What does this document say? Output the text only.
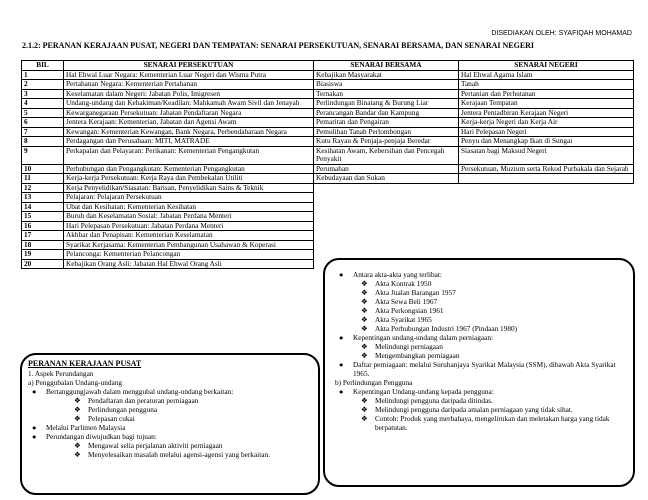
DISEDIAKAN OLEH: SYAFIQAH MOHAMAD
2.1.2: PERANAN KERAJAAN PUSAT, NEGERI DAN TEMPATAN: SENARAI PERSEKUTUAN, SENARAI BERSAMA, DAN SENARAI NEGERI
BIL	SENARAI PERSEKUTUAN	SENARAI BERSAMA	SENARAI NEGERI
1	Hal Ehwal Luar Negara: Kementerian Luar Negeri dan Wisma Putra	Kebajikan Masyarakat	Hal Ehwal Agama Islam
2	Pertahanan Negara: Kementerian Pertahanan	Biasiswa	Tanah
3	Keselamatan dalam Negeri: Jabatan Polis, Imigresen	Ternakan	Pertanian dan Perhutanan
4	Undang-undang dan Kehakiman/Keadilan: Mahkamah Awam Sivil dan Jenayah	Perlindungan Binatang & Burung Liar	Kerajaan Tempatan
5	Kewarganegaraan Persekutuan: Jabatan Pendaftaran Negara	Perancangan Bandar dan Kampung	Jentera Pentadbiran Kerajaan Negeri
6	Jentera Kerajaan: Kementerian, Jabatan dan Agensi Awam	Pemaritan dan Pengairan	Kerja-kerja Negeri dan Kerja Air
7	Kewangan: Kementerian Kewangan, Bank Negara, Perbendaharaan Negara	Pemulihan Tanah Perlombongan	Hari Pelepasan Negeri
8	Perdagangan dan Perusahaan: MITI, MATRADE	Kutu Rayau & Penjaja-penjaja Beredar	Penyu dan Menangkap Ikan di Sungai
9	Perkapalan dan Pelayaran: Perikanan: Kementerian Pengangkutan	Kesihatan Awam, Kebersihan dan Pencegah Penyakit	Siasatan bagi Maksud Negeri
10	Perhubungan dan Pengangkutan: Kementerian Pengangkutan	Perumahan	Persekutuan, Muzium serta Rekod Purbakala dan Sejarah
11	Kerja-kerja Persekutuan: Kerja Raya dan Pembekalan Utiliti	Kebudayaan dan Sukan	
12	Kerja Penyelidikan/Siasatan: Barisan, Penyelidikan Sains & Teknik		
13	Pelajaran: Pelajaran Persekutuan		
14	Ubat dan Kesihatan: Kementerian Kesihatan		
15	Buruh dan Keselamatan Sosial: Jabatan Perdana Menteri		
16	Hari Pelepasan Persekutuan: Jabatan Perdana Menteri		
17	Akhbar dan Penapisan: Kementerian Keselamatan		
18	Syarikat Kerjasama: Kementerian Pembangunan Usahawan & Koperasi		
19	Pelanconga: Kementerian Pelancongan		
20	Kebajikan Orang Asli: Jabatan Hal Ehwal Orang Asli		
PERANAN KERAJAAN PUSAT
1. Aspek Perundangan
a) Penggubalan Undang-undang
● Bertanggungjawab dalam menggubal undang-undang berkaitan:
❖ Pendaftaran dan peraturan perniagaan
❖ Perlindungan pengguna
❖ Pelepasan cukai
● Melalui Parlimen Malaysia
● Perundangan diwujudkan bagi tujuan:
❖ Mengawal selia perjalanan aktiviti perniagaan
❖ Menyelesaikan masalah melalui agensi-agensi yang berkaitan.
● Antara akta-akta yang terlibat:
❖ Akta Kontrak 1950
❖ Akta Jualan Barangan 1957
❖ Akta Sewa Beli 1967
❖ Akta Perkongsian 1961
❖ Akta Syarikat 1965
❖ Akta Perhubungan Industri 1967 (Pindaan 1980)
● Kepentingan undang-undang dalam perniagaan:
❖ Melindungi perniagaan
❖ Mengembangkan perniagaan
●	Daftar perniagaan: melalui Suruhanjaya Syarikat Malaysia (SSM), dibawah Akta Syarikat 1965.
b) Perlindungan Pengguna
● Kepentingan Undang-undang kepada pengguna:
❖ Melindungi pengguna daripada ditindas.
❖	Melindungi pengguna daripada amalan perniagaan yang tidak sihat.
❖	Contoh: Produk yang merbahaya, mengelirukan dan meletakan harga yang tidak berpatutan.
